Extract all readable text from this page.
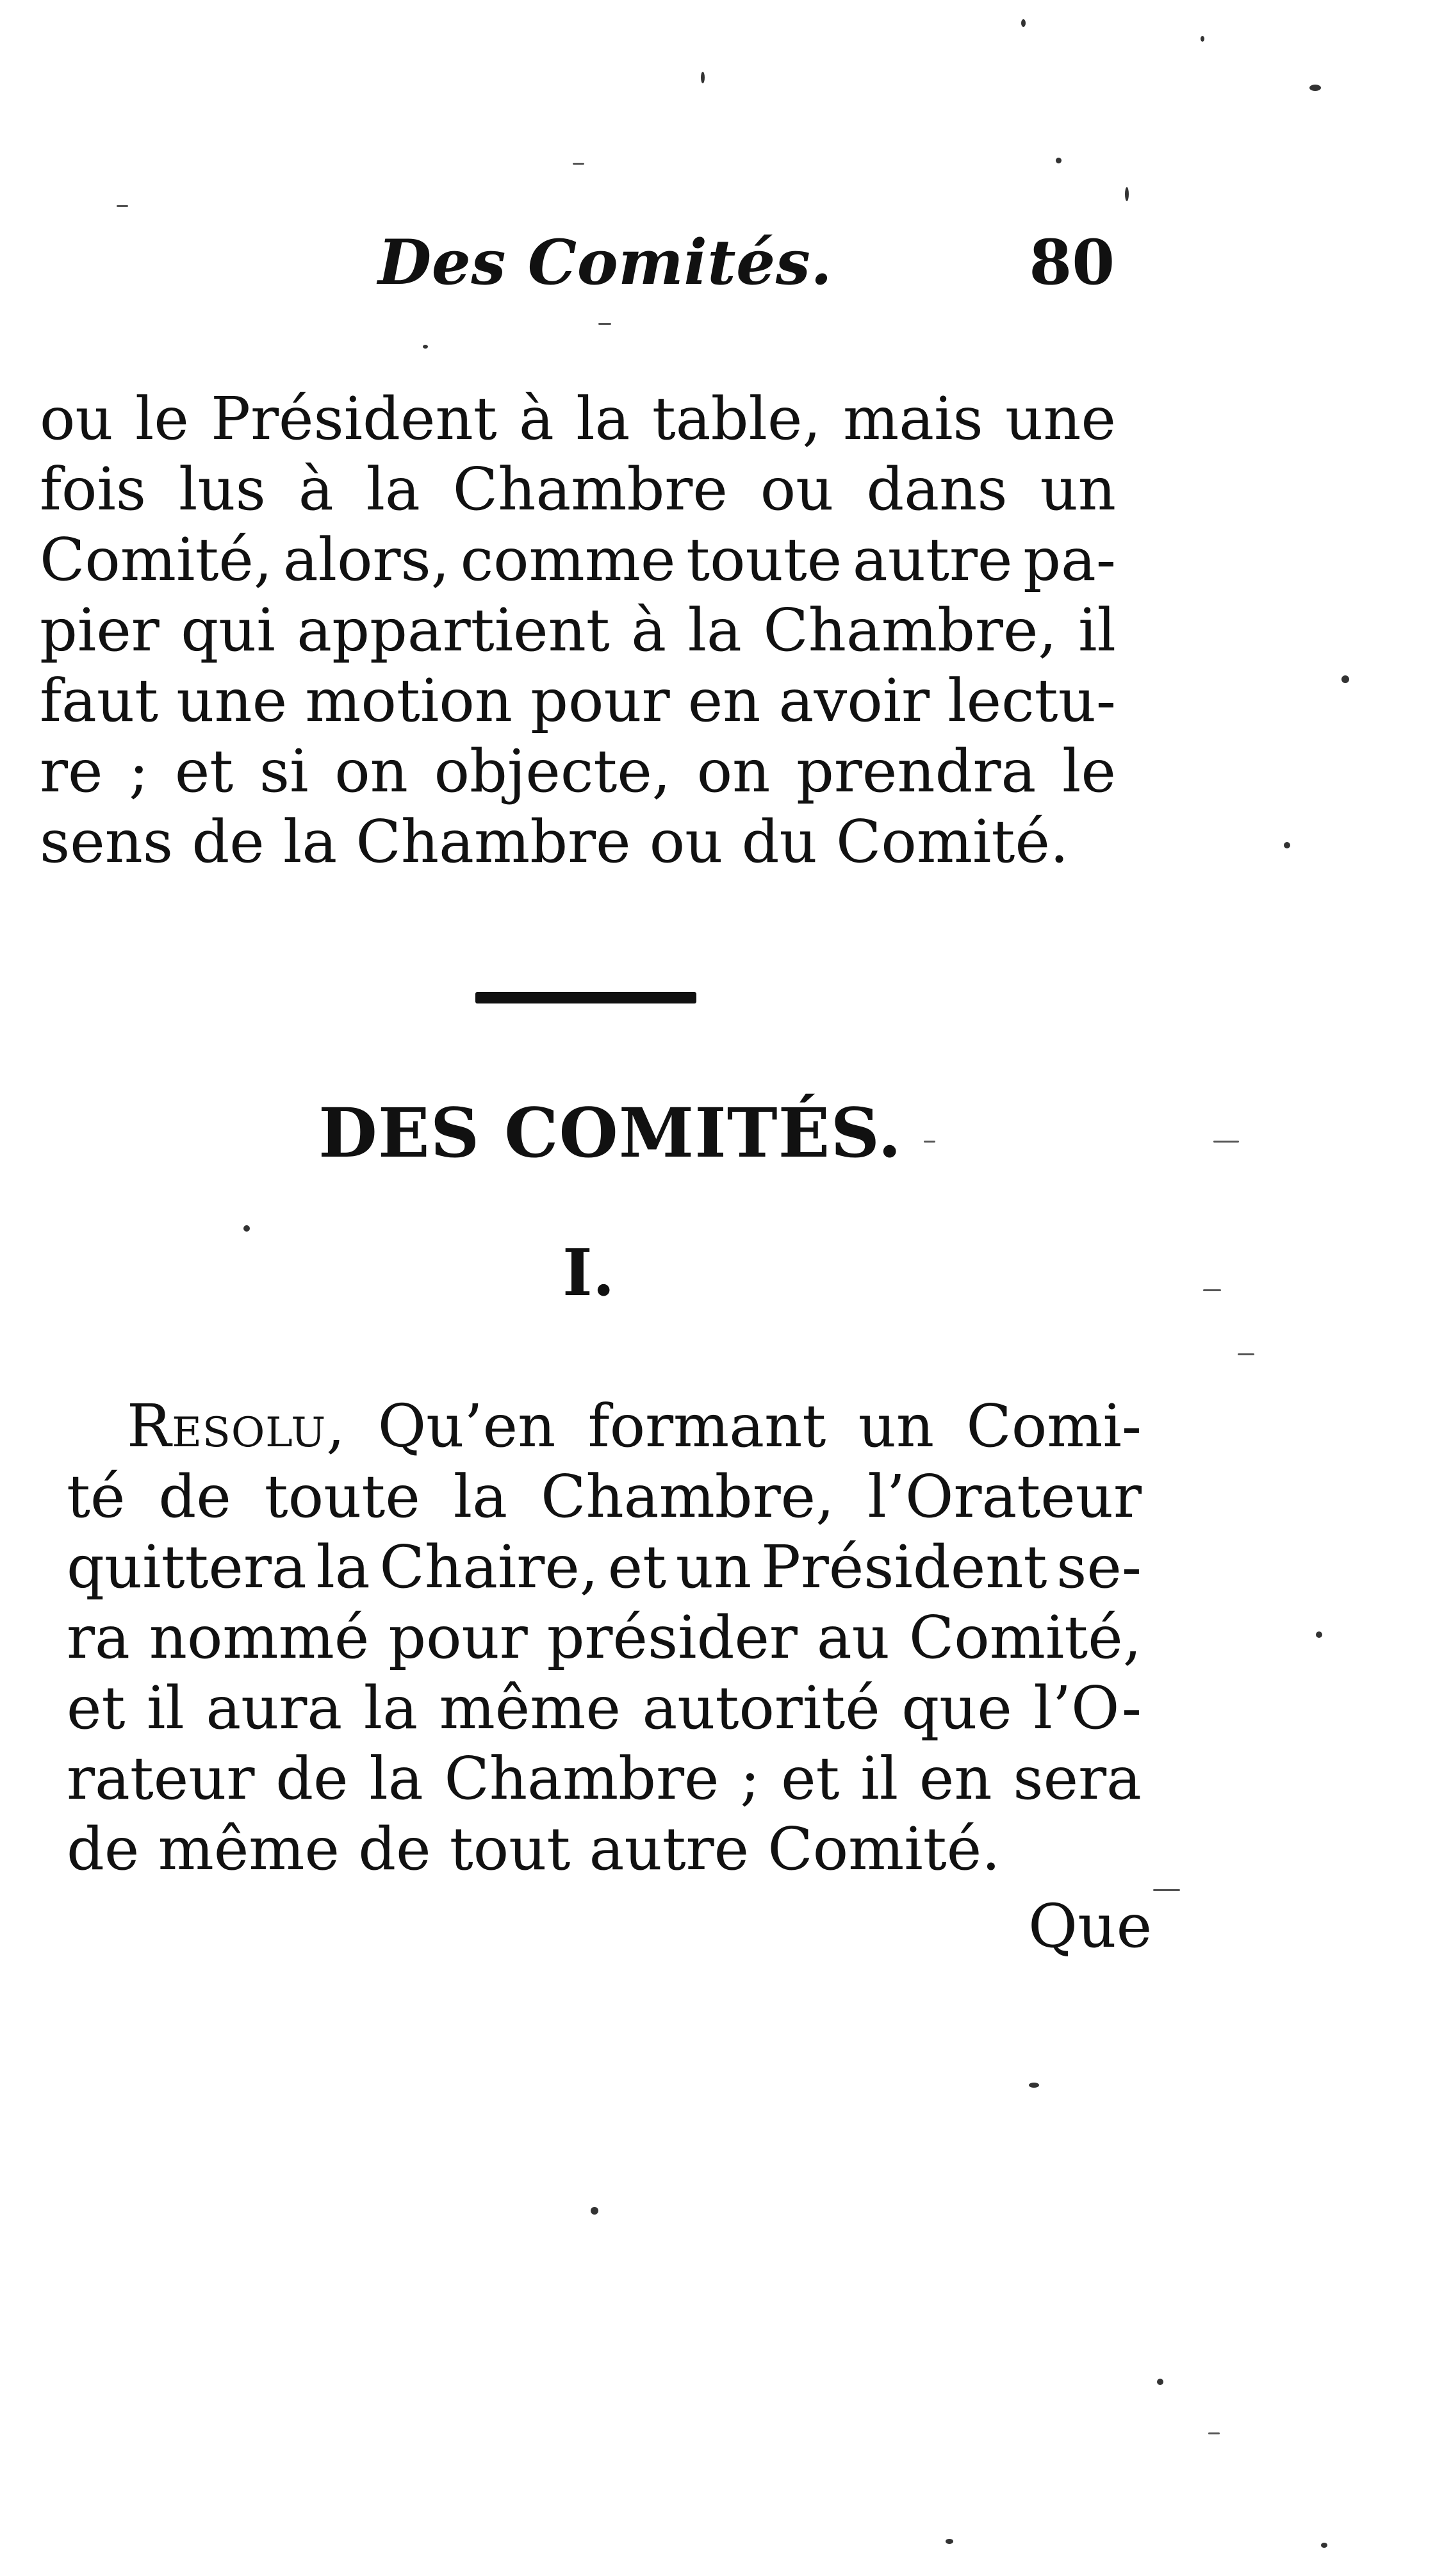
Des Comités.	80
ou le Président à la table, mais une
fois lus à la Chambre ou dans un
Comité, alors, comme toute autre pa-
pier qui appartient à la Chambre, il
faut une motion pour en avoir lectu-
re ; et si on objecte, on prendra le
sens de la Chambre ou du Comité.
DES COMITÉS.
I.
Resolu, Qu’en formant un Comi-
té de toute la Chambre, l’Orateur
quittera la Chaire, et un Président se-
ra nommé pour présider au Comité,
et il aura la même autorité que l’O-
rateur de la Chambre ; et il en sera
de même de tout autre Comité.
Que
